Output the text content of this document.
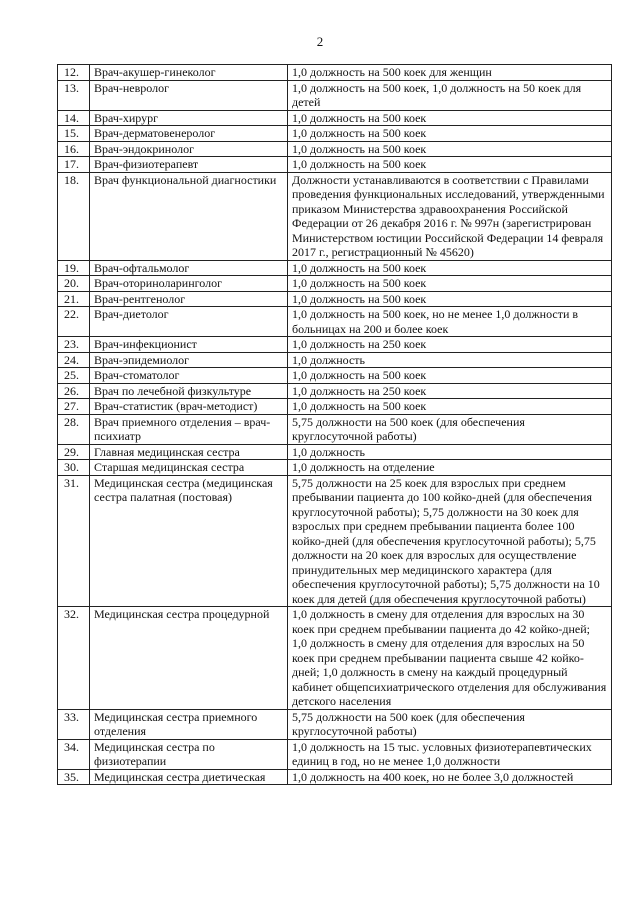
2
12.	Врач-акушер-гинеколог	1,0 должность на 500 коек для женщин
13.	Врач-невролог	1,0 должность на 500 коек, 1,0 должность на 50 коек для детей
14.	Врач-хирург	1,0 должность на 500 коек
15.	Врач-дерматовенеролог	1,0 должность на 500 коек
16.	Врач-эндокринолог	1,0 должность на 500 коек
17.	Врач-физиотерапевт	1,0 должность на 500 коек
18.	Врач функциональной диагностики	Должности устанавливаются в соответствии с Правилами проведения функциональных исследований, утвержденными приказом Министерства здравоохранения Российской Федерации от 26 декабря 2016 г. № 997н (зарегистрирован Министерством юстиции Российской Федерации 14 февраля 2017 г., регистрационный № 45620)
19.	Врач-офтальмолог	1,0 должность на 500 коек
20.	Врач-оториноларинголог	1,0 должность на 500 коек
21.	Врач-рентгенолог	1,0 должность на 500 коек
22.	Врач-диетолог	1,0 должность на 500 коек, но не менее 1,0 должности в больницах на 200 и более коек
23.	Врач-инфекционист	1,0 должность на 250 коек
24.	Врач-эпидемиолог	1,0 должность
25.	Врач-стоматолог	1,0 должность на 500 коек
26.	Врач по лечебной физкультуре	1,0 должность на 250 коек
27.	Врач-статистик (врач-методист)	1,0 должность на 500 коек
28.	Врач приемного отделения – врач-психиатр	5,75 должности на 500 коек (для обеспечения круглосуточной работы)
29.	Главная медицинская сестра	1,0 должность
30.	Старшая медицинская сестра	1,0 должность на отделение
31.	Медицинская сестра (медицинская сестра палатная (постовая)	5,75 должности на 25 коек для взрослых при среднем пребывании пациента до 100 койко-дней (для обеспечения круглосуточной работы); 5,75 должности на 30 коек для взрослых при среднем пребывании пациента более 100 койко-дней (для обеспечения круглосуточной работы); 5,75 должности на 20 коек для взрослых для осуществление принудительных мер медицинского характера (для обеспечения круглосуточной работы); 5,75 должности на 10 коек для детей (для обеспечения круглосуточной работы)
32.	Медицинская сестра процедурной	1,0 должность в смену для отделения для взрослых на 30 коек при среднем пребывании пациента до 42 койко-дней; 1,0 должность в смену для отделения для взрослых на 50 коек при среднем пребывании пациента свыше 42 койко-дней; 1,0 должность в смену на каждый процедурный кабинет общепсихиатрического отделения для обслуживания детского населения
33.	Медицинская сестра приемного отделения	5,75 должности на 500 коек (для обеспечения круглосуточной работы)
34.	Медицинская сестра по физиотерапии	1,0 должность на 15 тыс. условных физиотерапевтических единиц в год, но не менее 1,0 должности
35.	Медицинская сестра диетическая	1,0 должность на 400 коек, но не более 3,0 должностей
